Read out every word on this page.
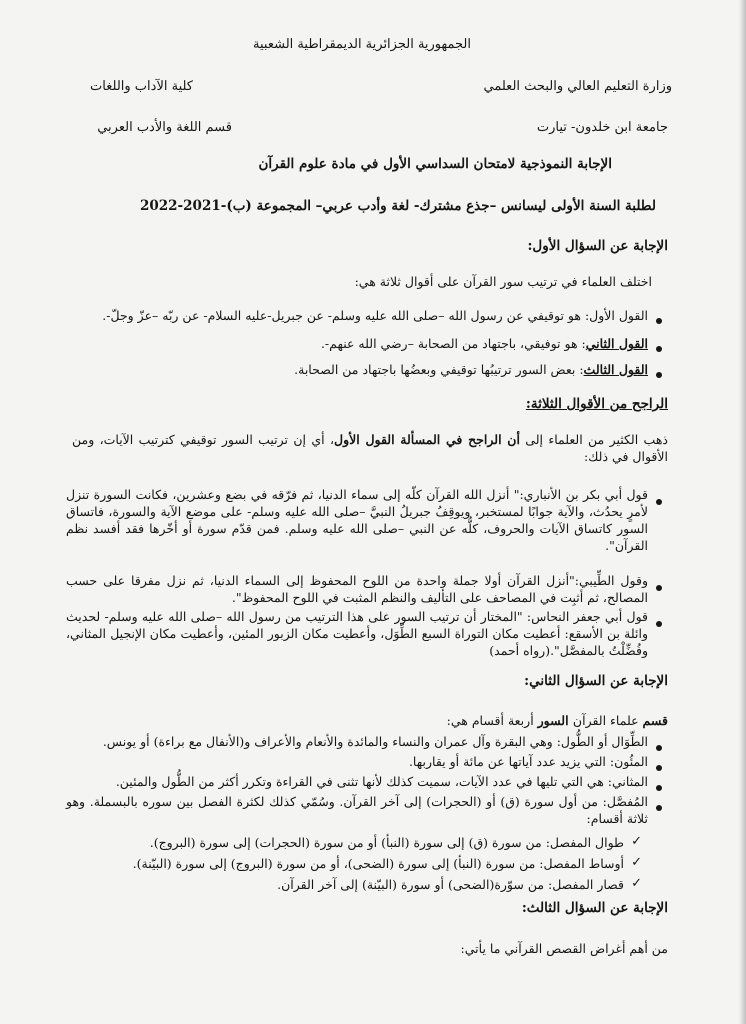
الجمهورية الجزائرية الديمقراطية الشعبية
وزارة التعليم العالي والبحث العلمي
كلية الآداب واللغات
جامعة ابن خلدون- تيارت
قسم اللغة والأدب العربي
الإجابة النموذجية لامتحان السداسي الأول في مادة علوم القرآن
لطلبة السنة الأولى ليسانس –جذع مشترك- لغة وأدب عربي– المجموعة (ب)-2021-2022
الإجابة عن السؤال الأول:
اختلف العلماء في ترتيب سور القرآن على أقوال ثلاثة هي:
القول الأول: هو توقيفي عن رسول الله –صلى الله عليه وسلم- عن جبريل-عليه السلام- عن ربّه –عزّ وجلّ-.
القول الثاني: هو توفيقي، باجتهاد من الصحابة –رضي الله عنهم-.
القول الثالث: بعض السور ترتيبُها توقيفي وبعضُها باجتهاد من الصحابة.
الراجح من الأقوال الثلاثة:
ذهب الكثير من العلماء إلى أن الراجح في المسألة القول الأول، أي إن ترتيب السور توقيفي كترتيب الآيات، ومن الأقوال في ذلك:
قول أبي بكر بن الأنباري:" أنزل الله القرآن كلّه إلى سماء الدنيا، ثم فرّقه في بضع وعشرين، فكانت السورة تنزل لأمرٍ يحدُث، والآية جوابًا لمستخبر، ويوقِفُ جبريلُ النبيَّ –صلى الله عليه وسلم- على موضع الآية والسورة، فاتساق السور كاتساق الآيات والحروف، كلُّه عن النبي –صلى الله عليه وسلم. فمن قدّم سورة أو أخّرها فقد أفسد نظم القرآن".
وقول الطِّيبي:"أنزل القرآن أولا جملة واحدة من اللوح المحفوظ إلى السماء الدنيا، ثم نزل مفرقا على حسب المصالح، ثم أثبِت في المصاحف على التأليف والنظم المثبت في اللوح المحفوظ".
قول أبي جعفر النحاس: "المختار أن ترتيب السور على هذا الترتيب من رسول الله –صلى الله عليه وسلم- لحديث وائلة بن الأسقع: أعطيت مكان التوراة السبع الطِّوَل، وأعطيت مكان الزبور المئين، وأعطيت مكان الإنجيل المثاني، وفُضِّلْتُ بالمفصَّل".(رواه أحمد)
الإجابة عن السؤال الثاني:
قسم علماء القرآن السور أربعة أقسام هي:
الطِّوَال أو الطُّول: وهي البقرة وآل عمران والنساء والمائدة والأنعام والأعراف و(الأنفال مع براءة) أو يونس.
المئُون: التي يزيد عدد آياتها عن مائة أو يقاربها.
المثاني: هي التي تليها في عدد الآيات، سميت كذلك لأنها تثنى في القراءة وتكرر أكثر من الطُّول والمئين.
المُفصَّل: من أول سورة (ق) أو (الحجرات) إلى آخر القرآن. وسُمّي كذلك لكثرة الفصل بين سوره بالبسملة. وهو ثلاثة أقسام:
✓
طوال المفصل: من سورة (ق) إلى سورة (النبأ) أو من سورة (الحجرات) إلى سورة (البروج).
✓
أوساط المفصل: من سورة (النبأ) إلى سورة (الضحى)، أو من سورة (البروج) إلى سورة (البيّنة).
✓
قصار المفصل: من سوّرة(الضحى) أو سورة (البيّنة) إلى آخر القرآن.
الإجابة عن السؤال الثالث:
من أهم أغراض القصص القرآني ما يأتي:
